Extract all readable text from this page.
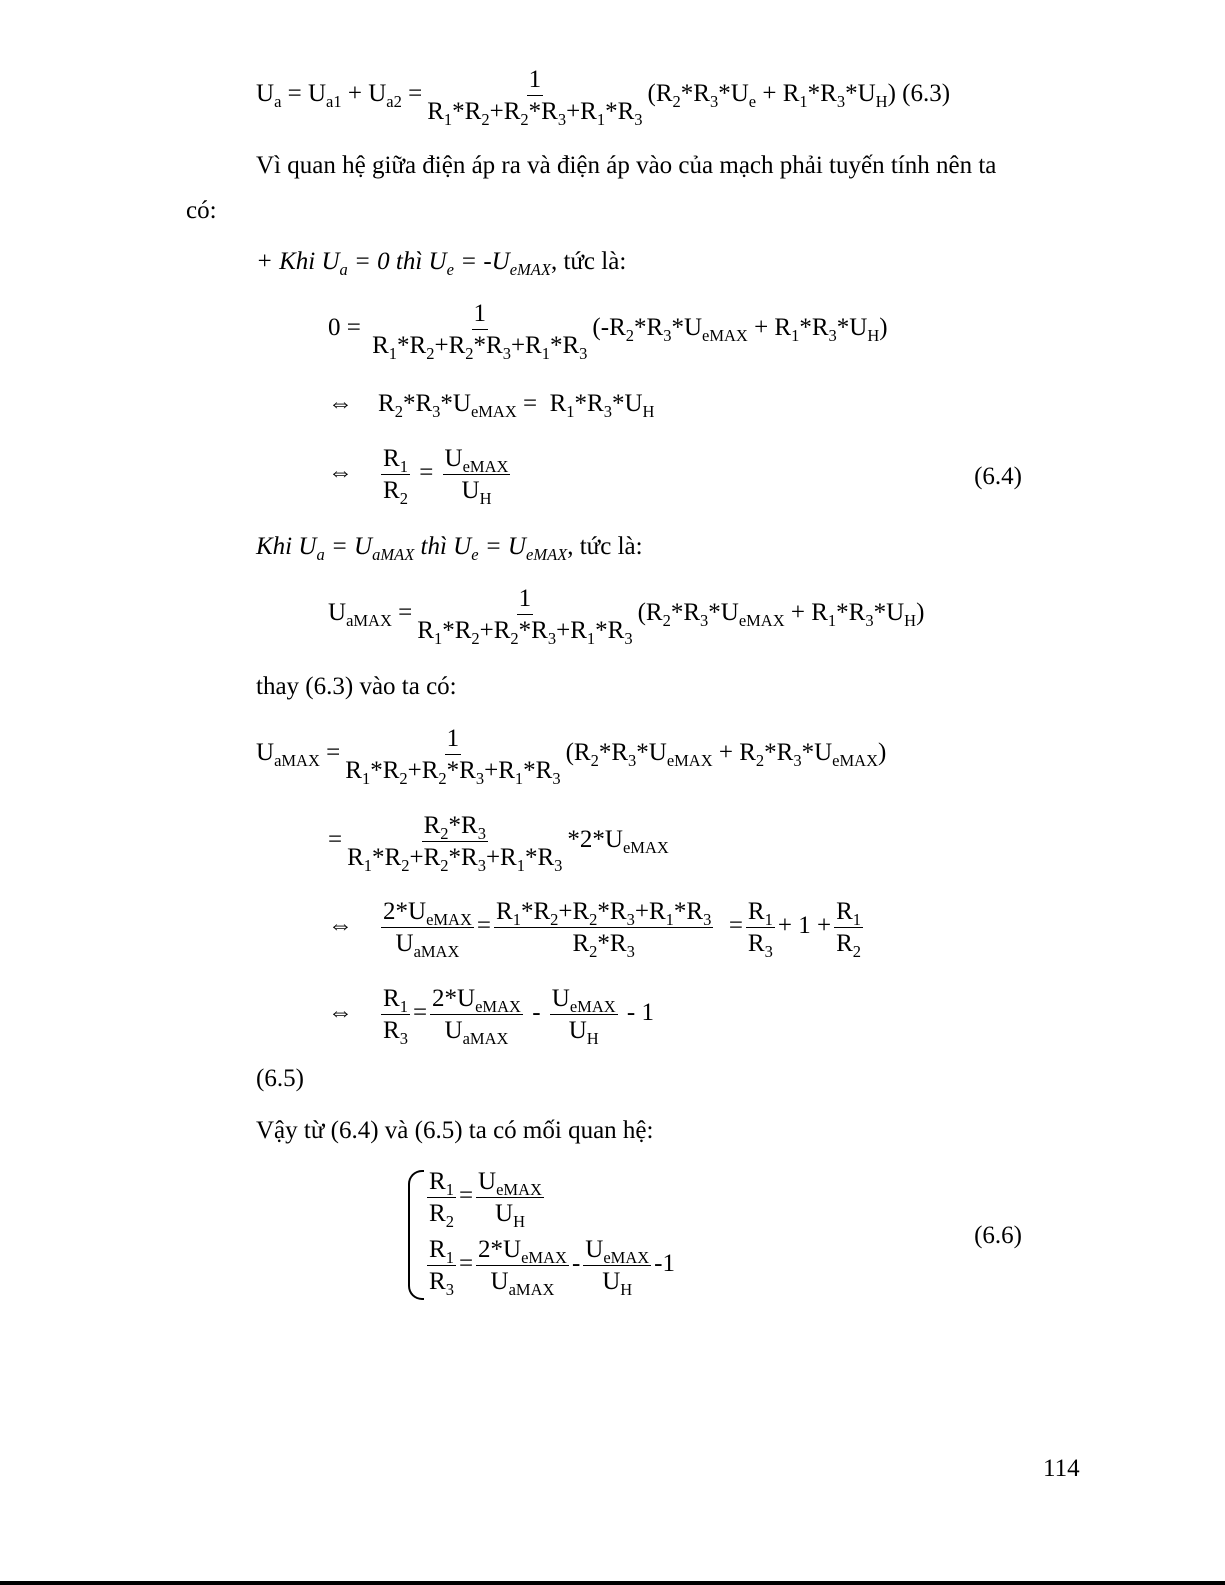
$U_a = U_{a1} + U_{a2} = \frac{1}{R_1*R_2+R_2*R_3+R_1*R_3} (R_2*R_3*U_e + R_1*R_3*U_H)$ (6.3)
Vì quan hệ giữa điện áp ra và điện áp vào của mạch phải tuyến tính nên ta
có:
+ Khi $U_a = 0$ thì $U_e = -U_{eMAX}$, tức là:
$0 = \frac{1}{R_1*R_2+R_2*R_3+R_1*R_3} (-R_2*R_3*U_{eMAX} + R_1*R_3*U_H)$
⇔ $R_2*R_3*U_{eMAX} = R_1*R_3*U_H$
⇔ $\frac{R_1}{R_2} = \frac{U_{eMAX}}{U_H}$	(6.4)
Khi $U_a = U_{aMAX}$ thì $U_e = U_{eMAX}$, tức là:
$U_{aMAX} = \frac{1}{R_1*R_2+R_2*R_3+R_1*R_3} (R_2*R_3*U_{eMAX} + R_1*R_3*U_H)$
thay (6.3) vào ta có:
$U_{aMAX} = \frac{1}{R_1*R_2+R_2*R_3+R_1*R_3} (R_2*R_3*U_{eMAX} + R_2*R_3*U_{eMAX})$
= $\frac{R_2*R_3}{R_1*R_2+R_2*R_3+R_1*R_3} *2*U_{eMAX}$
⇔ $\frac{2*U_{eMAX}}{U_{aMAX}} = \frac{R_1*R_2+R_2*R_3+R_1*R_3}{R_2*R_3} = \frac{R_1}{R_3} + 1 + \frac{R_1}{R_2}$
⇔ $\frac{R_1}{R_3} = \frac{2*U_{eMAX}}{U_{aMAX}} - \frac{U_{eMAX}}{U_H} - 1$
(6.5)
Vậy từ (6.4) và (6.5) ta có mối quan hệ:
$\frac{R_1}{R_2} = \frac{U_{eMAX}}{U_H}$
$\frac{R_1}{R_3} = \frac{2*U_{eMAX}}{U_{aMAX}} - \frac{U_{eMAX}}{U_H} -1$
(6.6)
114
